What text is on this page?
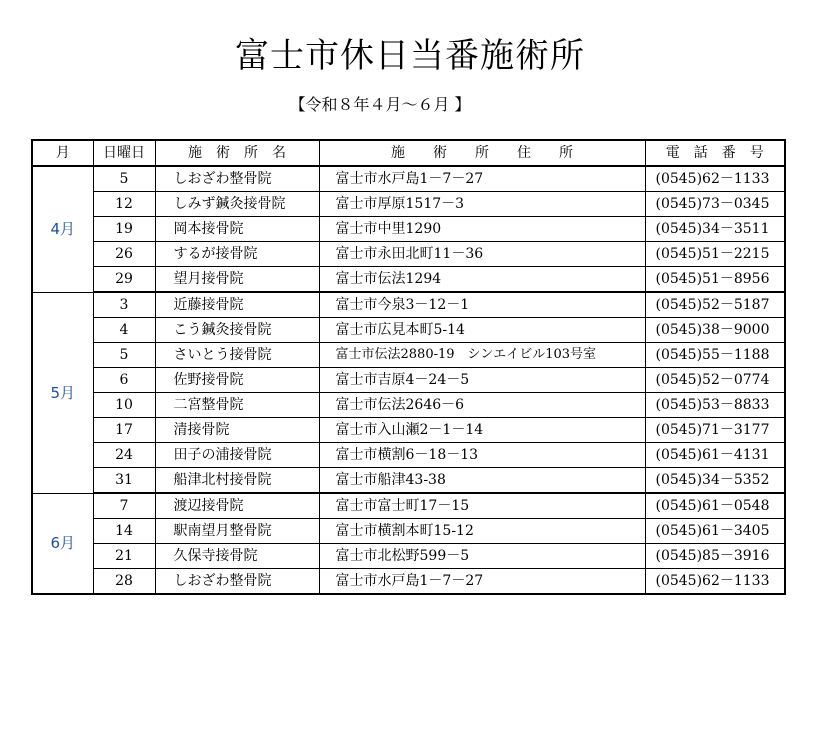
富士市休日当番施術所
【令和８年４月～６月 】
月	日曜日	施　術　所　名	施　　術　　所　　住　　所	電　話　番　号
4月	5	しおざわ整骨院	富士市水戸島1－7－27	(0545)62－1133
	12	しみず鍼灸接骨院	富士市厚原1517－3	(0545)73－0345
	19	岡本接骨院	富士市中里1290	(0545)34－3511
	26	するが接骨院	富士市永田北町11－36	(0545)51－2215
	29	望月接骨院	富士市伝法1294	(0545)51－8956
5月	3	近藤接骨院	富士市今泉3－12－1	(0545)52－5187
	4	こう鍼灸接骨院	富士市広見本町5-14	(0545)38－9000
	5	さいとう接骨院	富士市伝法2880-19　シンエイビル103号室	(0545)55－1188
	6	佐野接骨院	富士市吉原4－24－5	(0545)52－0774
	10	二宮整骨院	富士市伝法2646－6	(0545)53－8833
	17	清接骨院	富士市入山瀬2－1－14	(0545)71－3177
	24	田子の浦接骨院	富士市横割6－18－13	(0545)61－4131
	31	船津北村接骨院	富士市船津43-38	(0545)34－5352
6月	7	渡辺接骨院	富士市富士町17－15	(0545)61－0548
	14	駅南望月整骨院	富士市横割本町15-12	(0545)61－3405
	21	久保寺接骨院	富士市北松野599－5	(0545)85－3916
	28	しおざわ整骨院	富士市水戸島1－7－27	(0545)62－1133
